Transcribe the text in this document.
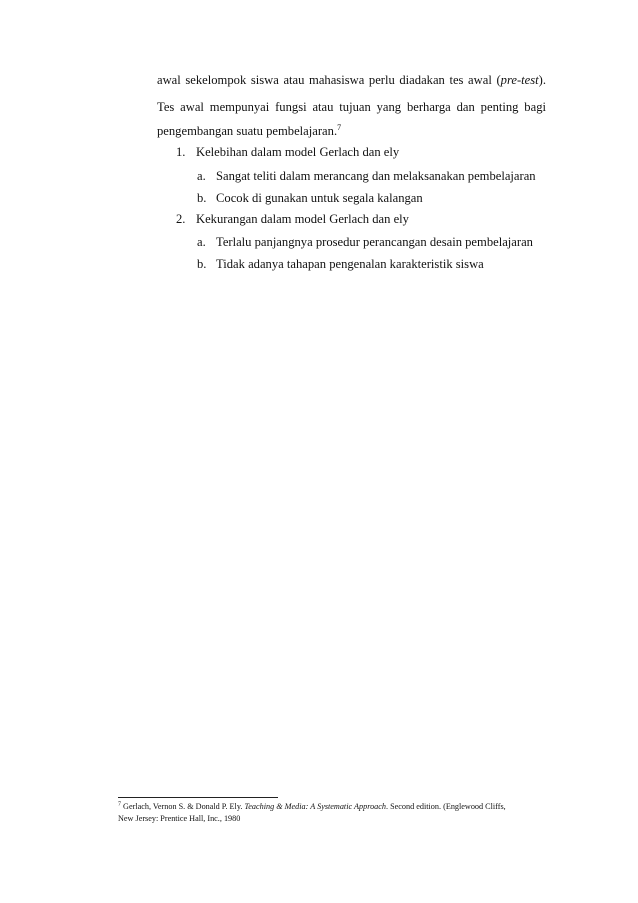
awal sekelompok siswa atau mahasiswa perlu diadakan tes awal (pre-test).
Tes awal mempunyai fungsi atau tujuan yang berharga dan penting bagi
pengembangan suatu pembelajaran.$^7$
1. Kelebihan dalam model Gerlach dan ely
a. Sangat teliti dalam merancang dan melaksanakan pembelajaran
b. Cocok di gunakan untuk segala kalangan
2. Kekurangan dalam model Gerlach dan ely
a. Terlalu panjangnya prosedur perancangan desain pembelajaran
b. Tidak adanya tahapan pengenalan karakteristik siswa
$^7$ Gerlach, Vernon S. & Donald P. Ely. Teaching & Media: A Systematic Approach. Second edition. (Englewood Cliffs,
New Jersey: Prentice Hall, Inc., 1980
